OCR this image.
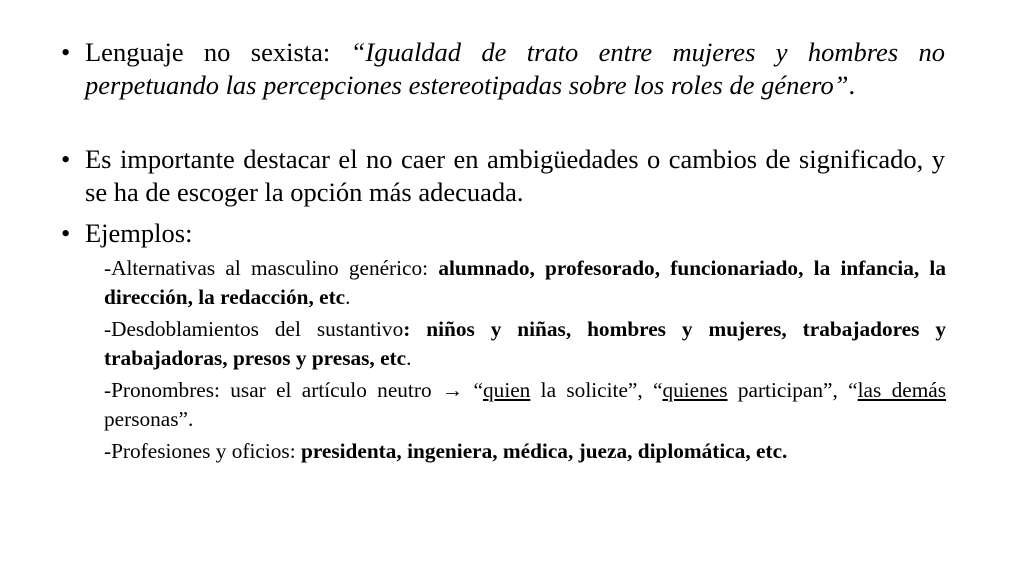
• Lenguaje no sexista: “Igualdad de trato entre mujeres y hombres no perpetuando las percepciones estereotipadas sobre los roles de género”.
• Es importante destacar el no caer en ambigüedades o cambios de significado, y se ha de escoger la opción más adecuada.
• Ejemplos:
-Alternativas al masculino genérico: alumnado, profesorado, funcionariado, la infancia, la dirección, la redacción, etc.
-Desdoblamientos del sustantivo: niños y niñas, hombres y mujeres, trabajadores y trabajadoras, presos y presas, etc.
-Pronombres: usar el artículo neutro → “quien la solicite”, “quienes participan”, “las demás personas”.
-Profesiones y oficios: presidenta, ingeniera, médica, jueza, diplomática, etc.
